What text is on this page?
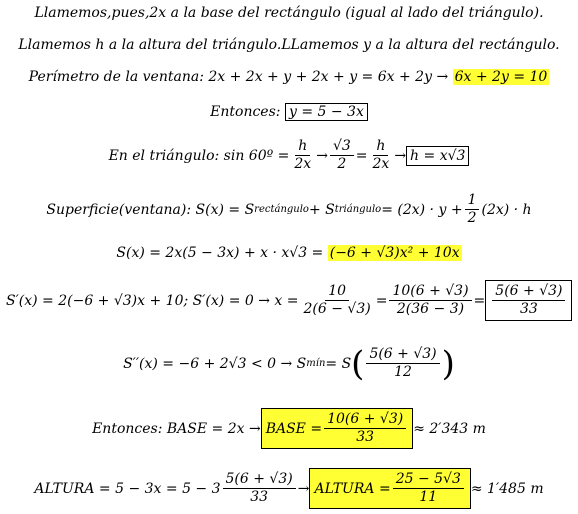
Llamemos,pues,2x a la base del rectángulo (igual al lado del triángulo).
Llamemos h a la altura del triángulo.LLamemos y a la altura del rectángulo.
Perímetro de la ventana: 2x + 2x + y + 2x + y = 6x + 2y → 6x + 2y = 10
Entonces: y = 5 − 3x
En el triángulo: sin 60º = $\frac{h}{2x} \to \frac{√3}{2} = \frac{h}{2x} \to h = x√3$
Superficie(ventana): S(x) = S rectángulo + S triángulo = $(2x) \cdot y + \frac{1}{2} (2x) \cdot h$
S(x) = 2x(5 − 3x) + x · x√3 = (−6 + √3)x² + 10x
S′(x) = 2(−6 + √3)x + 10; $S'(x) = 0 \to x = \frac{10}{2(6 - √3)} = \frac{10(6 + √3)}{2(36 - 3)} = \frac{5(6 + √3)}{33}$
S′′(x) = −6 + 2√3 < 0 → S mín = S ( $\frac{5(6 + √3)}{12}$ )
Entonces: BASE = 2x → BASE = $\frac{10(6 + √3)}{33} \approx 2'343$ m
ALTURA = $5 - 3x = 5 - 3 \frac{5(6 + √3)}{33}$ → ALTURA = $\frac{25 - 5√3}{11} \approx 1'485$ m
